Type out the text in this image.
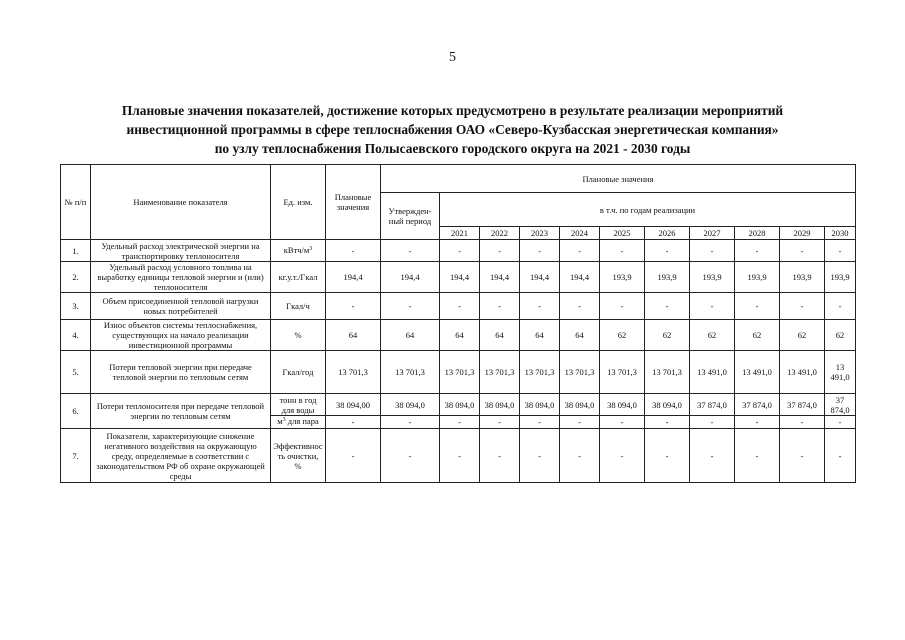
5
Плановые значения показателей, достижение которых предусмотрено в результате реализации мероприятий
инвестиционной программы в сфере теплоснабжения ОАО «Северо-Кузбасская энергетическая компания»
по узлу теплоснабжения Полысаевского городского округа на 2021 - 2030 годы
№ п/п	Наименование показателя	Ед. изм.	Плановые значения	Плановые значения										
				Утвержден-ный период	в т.ч. по годам реализации									
					2021	2022	2023	2024	2025	2026	2027	2028	2029	2030
1.	Удельный расход электрической энергии на транспортировку теплоносителя	кВтч/$м^3$	-	-	-	-	-	-	-	-	-	-	-	-
2.	Удельный расход условного топлива на выработку единицы тепловой энергии и (или) теплоносителя	кг.у.т./Гкал	194,4	194,4	194,4	194,4	194,4	194,4	193,9	193,9	193,9	193,9	193,9	193,9
3.	Объем присоединенной тепловой нагрузки новых потребителей	Гкал/ч	-	-	-	-	-	-	-	-	-	-	-	-
4.	Износ объектов системы теплоснабжения, существующих на начало реализации инвестиционной программы	%	64	64	64	64	64	64	62	62	62	62	62	62
5.	Потери тепловой энергии при передаче тепловой энергии по тепловым сетям	Гкал/год	13 701,3	13 701,3	13 701,3	13 701,3	13 701,3	13 701,3	13 701,3	13 701,3	13 491,0	13 491,0	13 491,0	13 491,0
6.	Потери теплоносителя при передаче тепловой энергии по тепловым сетям	тонн в год для воды	38 094,00	38 094,0	38 094,0	38 094,0	38 094,0	38 094,0	38 094,0	38 094,0	37 874,0	37 874,0	37 874,0	37 874,0
		$м^3$ для пара	-	-	-	-	-	-	-	-	-	-	-	-
7.	Показатели, характеризующие снижение негативного воздействия на окружающую среду, определяемые в соответствии с законодательством РФ об охране окружающей среды	Эффективность очистки, %	-	-	-	-	-	-	-	-	-	-	-	-
